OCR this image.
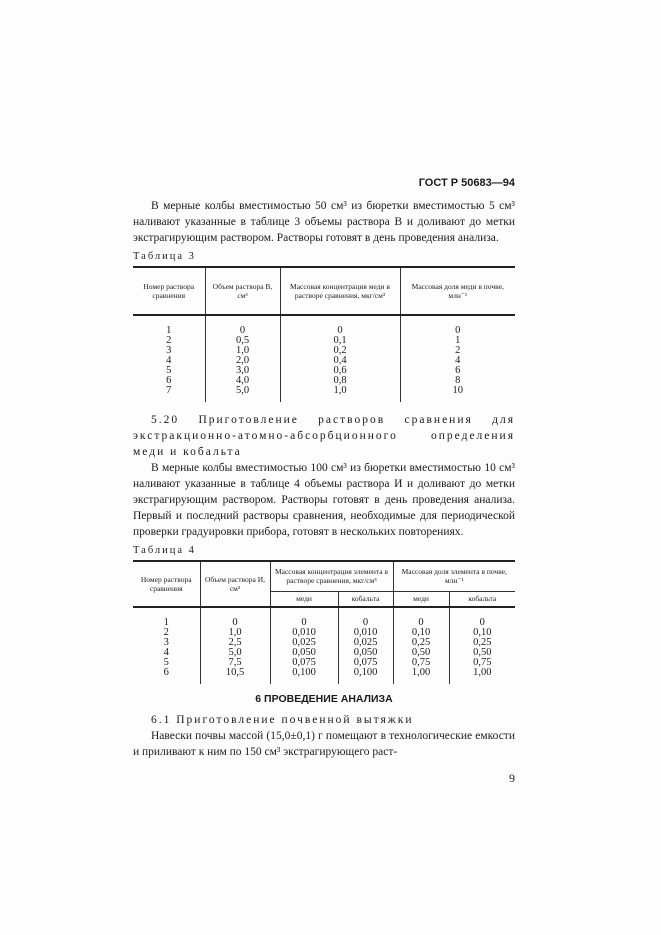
ГОСТ Р 50683—94
В мерные колбы вместимостью 50 см³ из бюретки вместимостью 5 см³ наливают указанные в таблице 3 объемы раствора В и доливают до метки экстрагирующим раствором. Растворы готовят в день проведения анализа.
Таблица 3
Номер раствора сравнения	Объем раствора В, см³	Массовая концентрация меди в растворе сравнения, мкг/см³	Массовая доля меди в почве, млн⁻¹
1	0	0	0
2	0,5	0,1	1
3	1,0	0,2	2
4	2,0	0,4	4
5	3,0	0,6	6
6	4,0	0,8	8
7	5,0	1,0	10
5.20 Приготовление растворов сравнения для экстракционно-атомно-абсорбционного определения меди и кобальта
В мерные колбы вместимостью 100 см³ из бюретки вместимостью 10 см³ наливают указанные в таблице 4 объемы раствора И и доливают до метки экстрагирующим раствором. Растворы готовят в день проведения анализа. Первый и последний растворы сравнения, необходимые для периодической проверки градуировки прибора, готовят в нескольких повторениях.
Таблица 4
Номер раствора сравнения	Объем раствора И, см³	Массовая концентрация элемента в растворе сравнения, мкг/см³		Массовая доля элемента в почве, млн⁻¹	
		меди	кобальта	меди	кобальта
1	0	0	0	0	0
2	1,0	0,010	0,010	0,10	0,10
3	2,5	0,025	0,025	0,25	0,25
4	5,0	0,050	0,050	0,50	0,50
5	7,5	0,075	0,075	0,75	0,75
6	10,5	0,100	0,100	1,00	1,00
6 ПРОВЕДЕНИЕ АНАЛИЗА
6.1 Приготовление почвенной вытяжки
Навески почвы массой (15,0±0,1) г помещают в технологические емкости и приливают к ним по 150 см³ экстрагирующего раст-
9
